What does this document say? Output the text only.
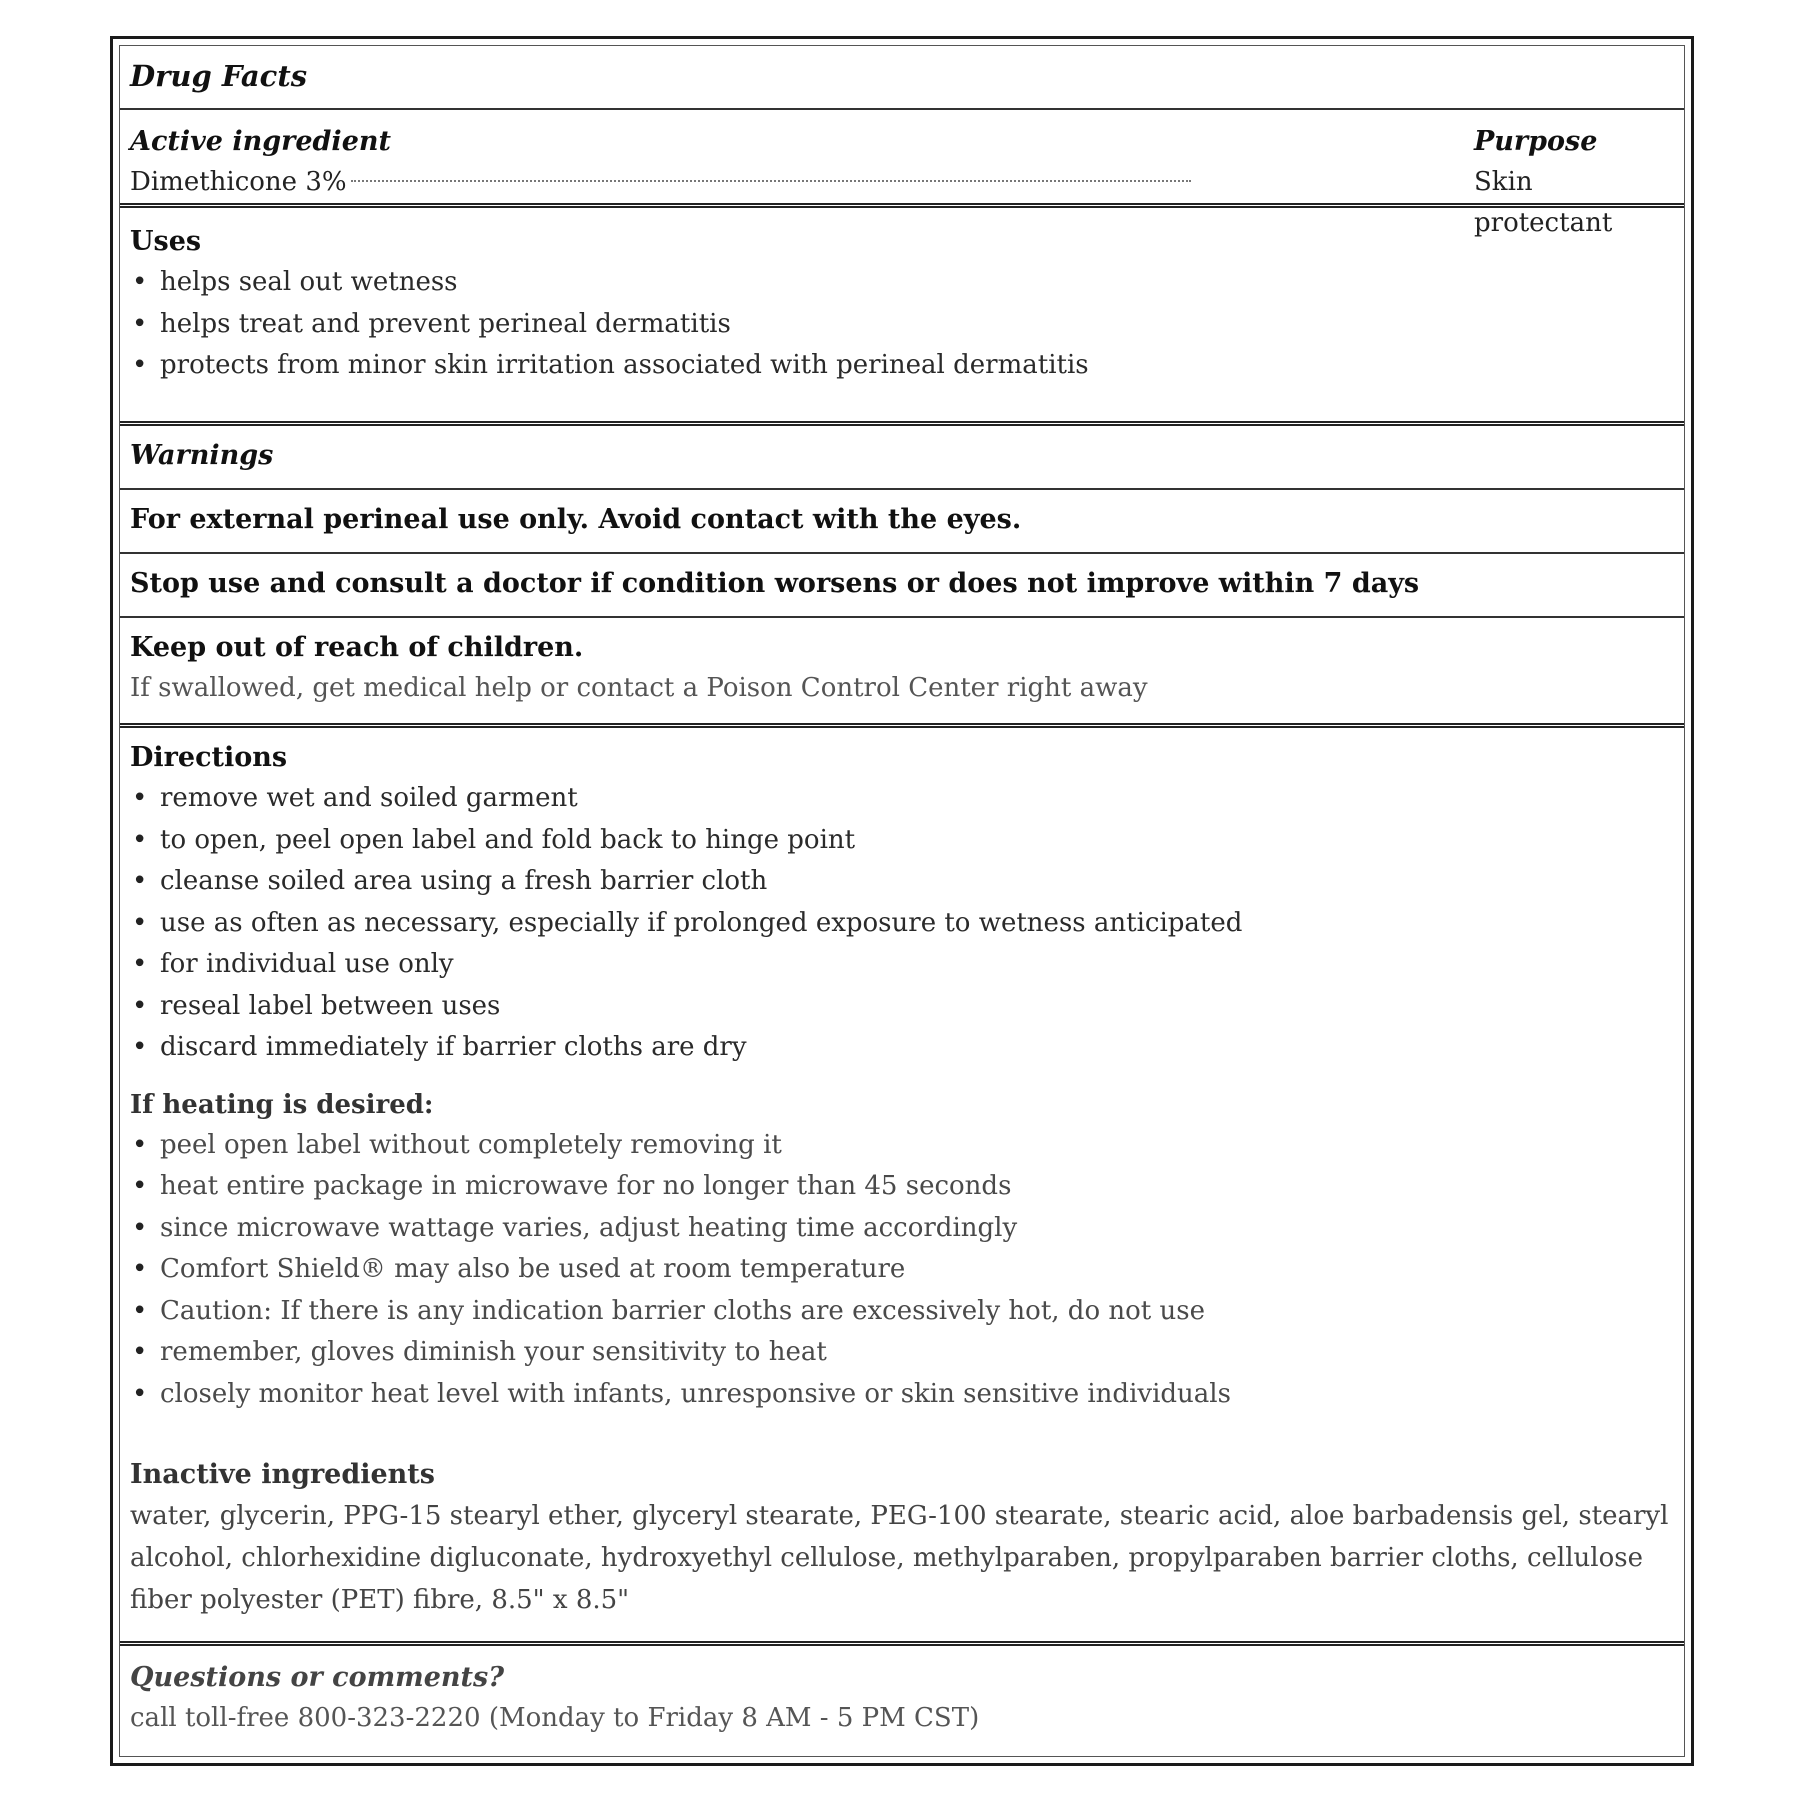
Drug Facts
Active ingredient	Purpose
Dimethicone 3%	Skin protectant
Uses
• helps seal out wetness
• helps treat and prevent perineal dermatitis
• protects from minor skin irritation associated with perineal dermatitis
Warnings
For external perineal use only. Avoid contact with the eyes.
Stop use and consult a doctor if condition worsens or does not improve within 7 days
Keep out of reach of children.
If swallowed, get medical help or contact a Poison Control Center right away
Directions
• remove wet and soiled garment
• to open, peel open label and fold back to hinge point
• cleanse soiled area using a fresh barrier cloth
• use as often as necessary, especially if prolonged exposure to wetness anticipated
• for individual use only
• reseal label between uses
• discard immediately if barrier cloths are dry
If heating is desired:
• peel open label without completely removing it
• heat entire package in microwave for no longer than 45 seconds
• since microwave wattage varies, adjust heating time accordingly
• Comfort Shield® may also be used at room temperature
• Caution: If there is any indication barrier cloths are excessively hot, do not use
• remember, gloves diminish your sensitivity to heat
• closely monitor heat level with infants, unresponsive or skin sensitive individuals
Inactive ingredients
water, glycerin, PPG-15 stearyl ether, glyceryl stearate, PEG-100 stearate, stearic acid, aloe barbadensis gel, stearyl alcohol, chlorhexidine digluconate, hydroxyethyl cellulose, methylparaben, propylparaben barrier cloths, cellulose fiber polyester (PET) fibre, 8.5" x 8.5"
Questions or comments?
call toll-free 800-323-2220 (Monday to Friday 8 AM - 5 PM CST)
